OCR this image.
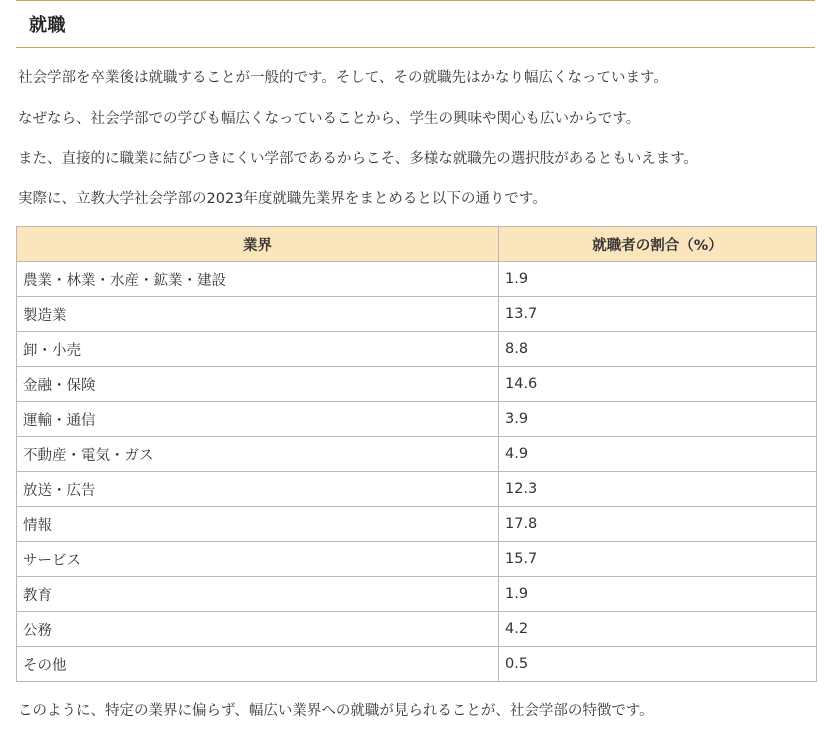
就職

社会学部を卒業後は就職することが一般的です。そして、その就職先はかなり幅広くなっています。

なぜなら、社会学部での学びも幅広くなっていることから、学生の興味や関心も広いからです。

また、直接的に職業に結びつきにくい学部であるからこそ、多様な就職先の選択肢があるともいえます。

実際に、立教大学社会学部の2023年度就職先業界をまとめると以下の通りです。

業界	就職者の割合（%）
農業・林業・水産・鉱業・建設	1.9
製造業	13.7
卸・小売	8.8
金融・保険	14.6
運輸・通信	3.9
不動産・電気・ガス	4.9
放送・広告	12.3
情報	17.8
サービス	15.7
教育	1.9
公務	4.2
その他	0.5

このように、特定の業界に偏らず、幅広い業界への就職が見られることが、社会学部の特徴です。
